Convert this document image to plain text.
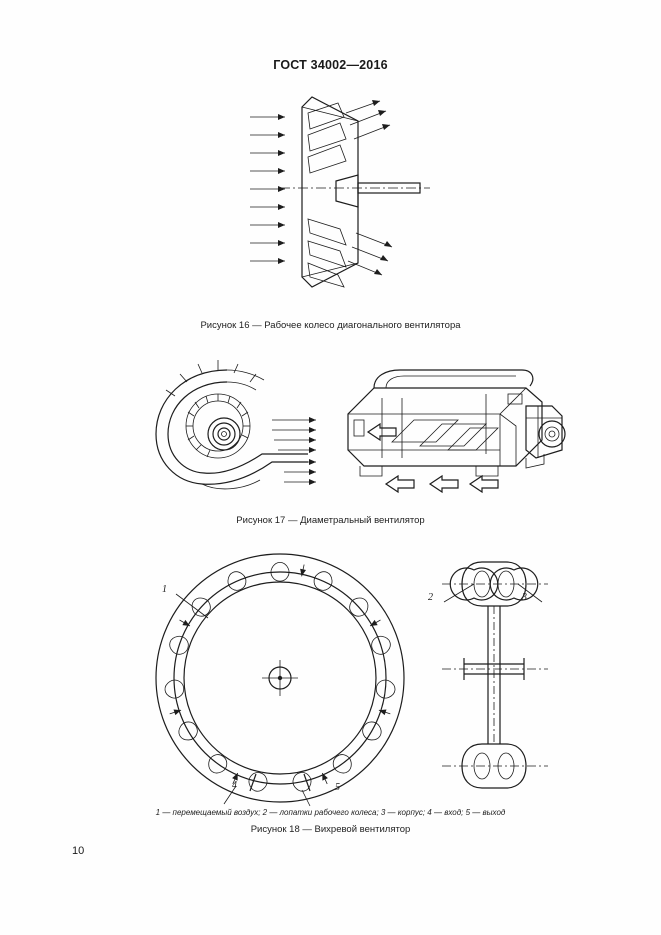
ГОСТ 34002—2016
Рисунок 16 — Рабочее колесо диагонального вентилятора
Рисунок 17 — Диаметральный вентилятор
1
2	3
4	5
1 — перемещаемый воздух; 2 — лопатки рабочего колеса; 3 — корпус; 4 — вход; 5 — выход
Рисунок 18 — Вихревой вентилятор
10
